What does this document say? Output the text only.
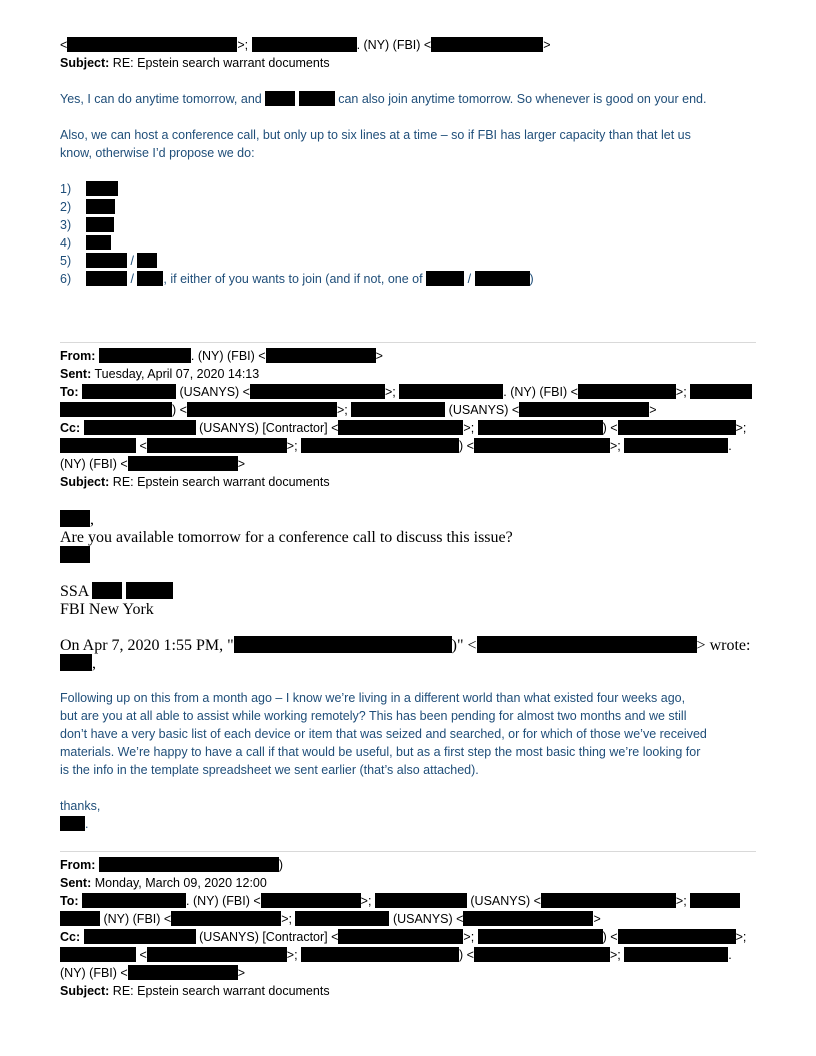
<	>;	. (NY) (FBI) <	>
Subject: RE: Epstein search warrant documents
Yes, I can do anytime tomorrow, and	can also join anytime tomorrow. So whenever is good on your end.
Also, we can host a conference call, but only up to six lines at a time – so if FBI has larger capacity than that let us
know, otherwise I’d propose we do:
1)
2)
3)
4)
5)	/
6)	/ , if either of you wants to join (and if not, one of	/	)
From:	. (NY) (FBI) <	>
Sent: Tuesday, April 07, 2020 14:13
To:	(USANYS) <	>;	. (NY) (FBI) <	>;
) <	>;	(USANYS) <	>
Cc:	(USANYS) [Contractor] <	>;	) <	>;
<	>;	) <	>;	.
(NY) (FBI) <	>
Subject: RE: Epstein search warrant documents
,
Are you available tomorrow for a conference call to discuss this issue?
SSA
FBI New York
On Apr 7, 2020 1:55 PM, "	)" <	> wrote:
,
Following up on this from a month ago – I know we’re living in a different world than what existed four weeks ago,
but are you at all able to assist while working remotely? This has been pending for almost two months and we still
don’t have a very basic list of each device or item that was seized and searched, or for which of those we’ve received
materials. We’re happy to have a call if that would be useful, but as a first step the most basic thing we’re looking for
is the info in the template spreadsheet we sent earlier (that’s also attached).
thanks,
.
From:	)
Sent: Monday, March 09, 2020 12:00
To:	. (NY) (FBI) <	>;	(USANYS) <	>;
(NY) (FBI) <	>;	(USANYS) <	>
Cc:	(USANYS) [Contractor] <	>;	) <	>;
<	>;	) <	>;	.
(NY) (FBI) <	>
Subject: RE: Epstein search warrant documents
